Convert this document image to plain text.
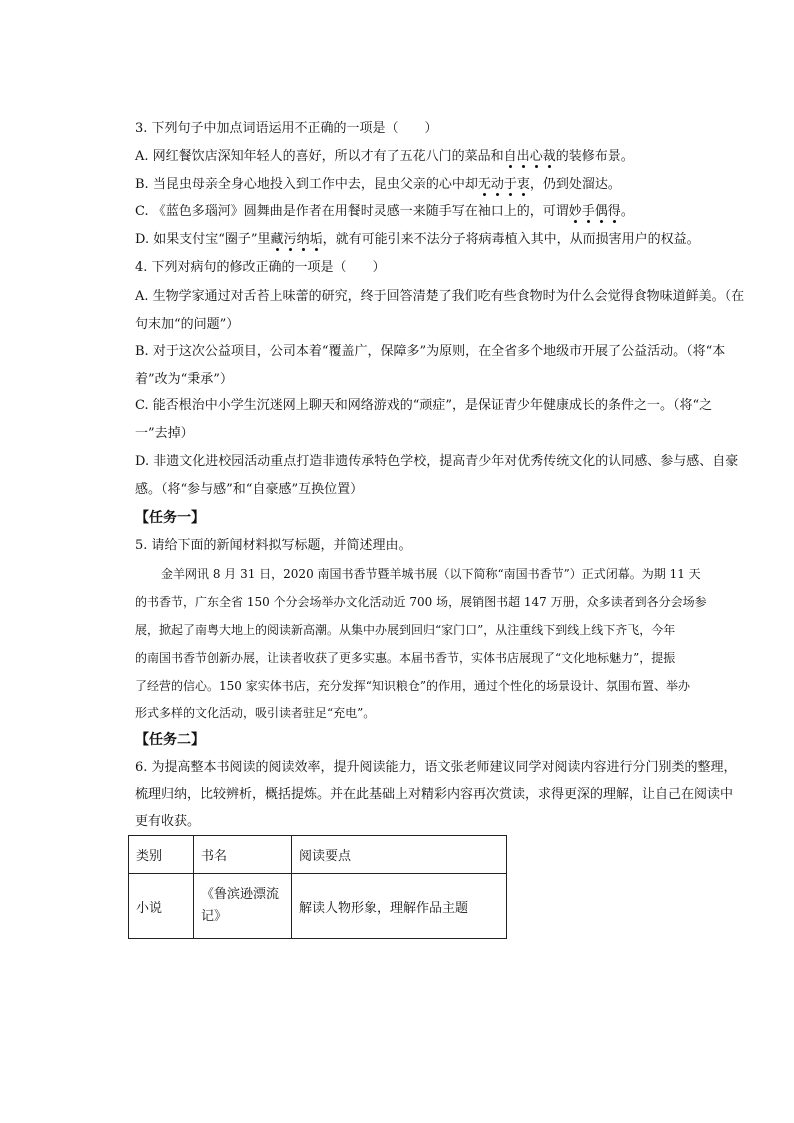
3. 下列句子中加点词语运用不正确的一项是（　　）
A. 网红餐饮店深知年轻人的喜好，所以才有了五花八门的菜品和自出心裁的装修布景。
B. 当昆虫母亲全身心地投入到工作中去，昆虫父亲的心中却无动于衷，仍到处溜达。
C. 《蓝色多瑙河》圆舞曲是作者在用餐时灵感一来随手写在袖口上的，可谓妙手偶得。
D. 如果支付宝“圈子”里藏污纳垢，就有可能引来不法分子将病毒植入其中，从而损害用户的权益。
4. 下列对病句的修改正确的一项是（　　）
A. 生物学家通过对舌苔上味蕾的研究，终于回答清楚了我们吃有些食物时为什么会觉得食物味道鲜美。（在
句末加“的问题”）
B. 对于这次公益项目，公司本着“覆盖广，保障多”为原则，在全省多个地级市开展了公益活动。（将“本
着”改为“秉承”）
C. 能否根治中小学生沉迷网上聊天和网络游戏的“顽症”，是保证青少年健康成长的条件之一。（将“之
一”去掉）
D. 非遗文化进校园活动重点打造非遗传承特色学校，提高青少年对优秀传统文化的认同感、参与感、自豪
感。（将“参与感”和“自豪感”互换位置）
【任务一】
5. 请给下面的新闻材料拟写标题，并简述理由。
金羊网讯 8 月 31 日，2020 南国书香节暨羊城书展（以下简称“南国书香节”）正式闭幕。为期 11 天
的书香节，广东全省 150 个分会场举办文化活动近 700 场，展销图书超 147 万册，众多读者到各分会场参
展，掀起了南粤大地上的阅读新高潮。从集中办展到回归“家门口”，从注重线下到线上线下齐飞，今年
的南国书香节创新办展，让读者收获了更多实惠。本届书香节，实体书店展现了“文化地标魅力”，提振
了经营的信心。150 家实体书店，充分发挥“知识粮仓”的作用，通过个性化的场景设计、氛围布置、举办
形式多样的文化活动，吸引读者驻足“充电”。
【任务二】
6. 为提高整本书阅读的阅读效率，提升阅读能力，语文张老师建议同学对阅读内容进行分门别类的整理，
梳理归纳，比较辨析，概括提炼。并在此基础上对精彩内容再次赏读，求得更深的理解，让自己在阅读中
更有收获。
类别	书名	阅读要点
小说	《鲁滨逊漂流记》	解读人物形象，理解作品主题
